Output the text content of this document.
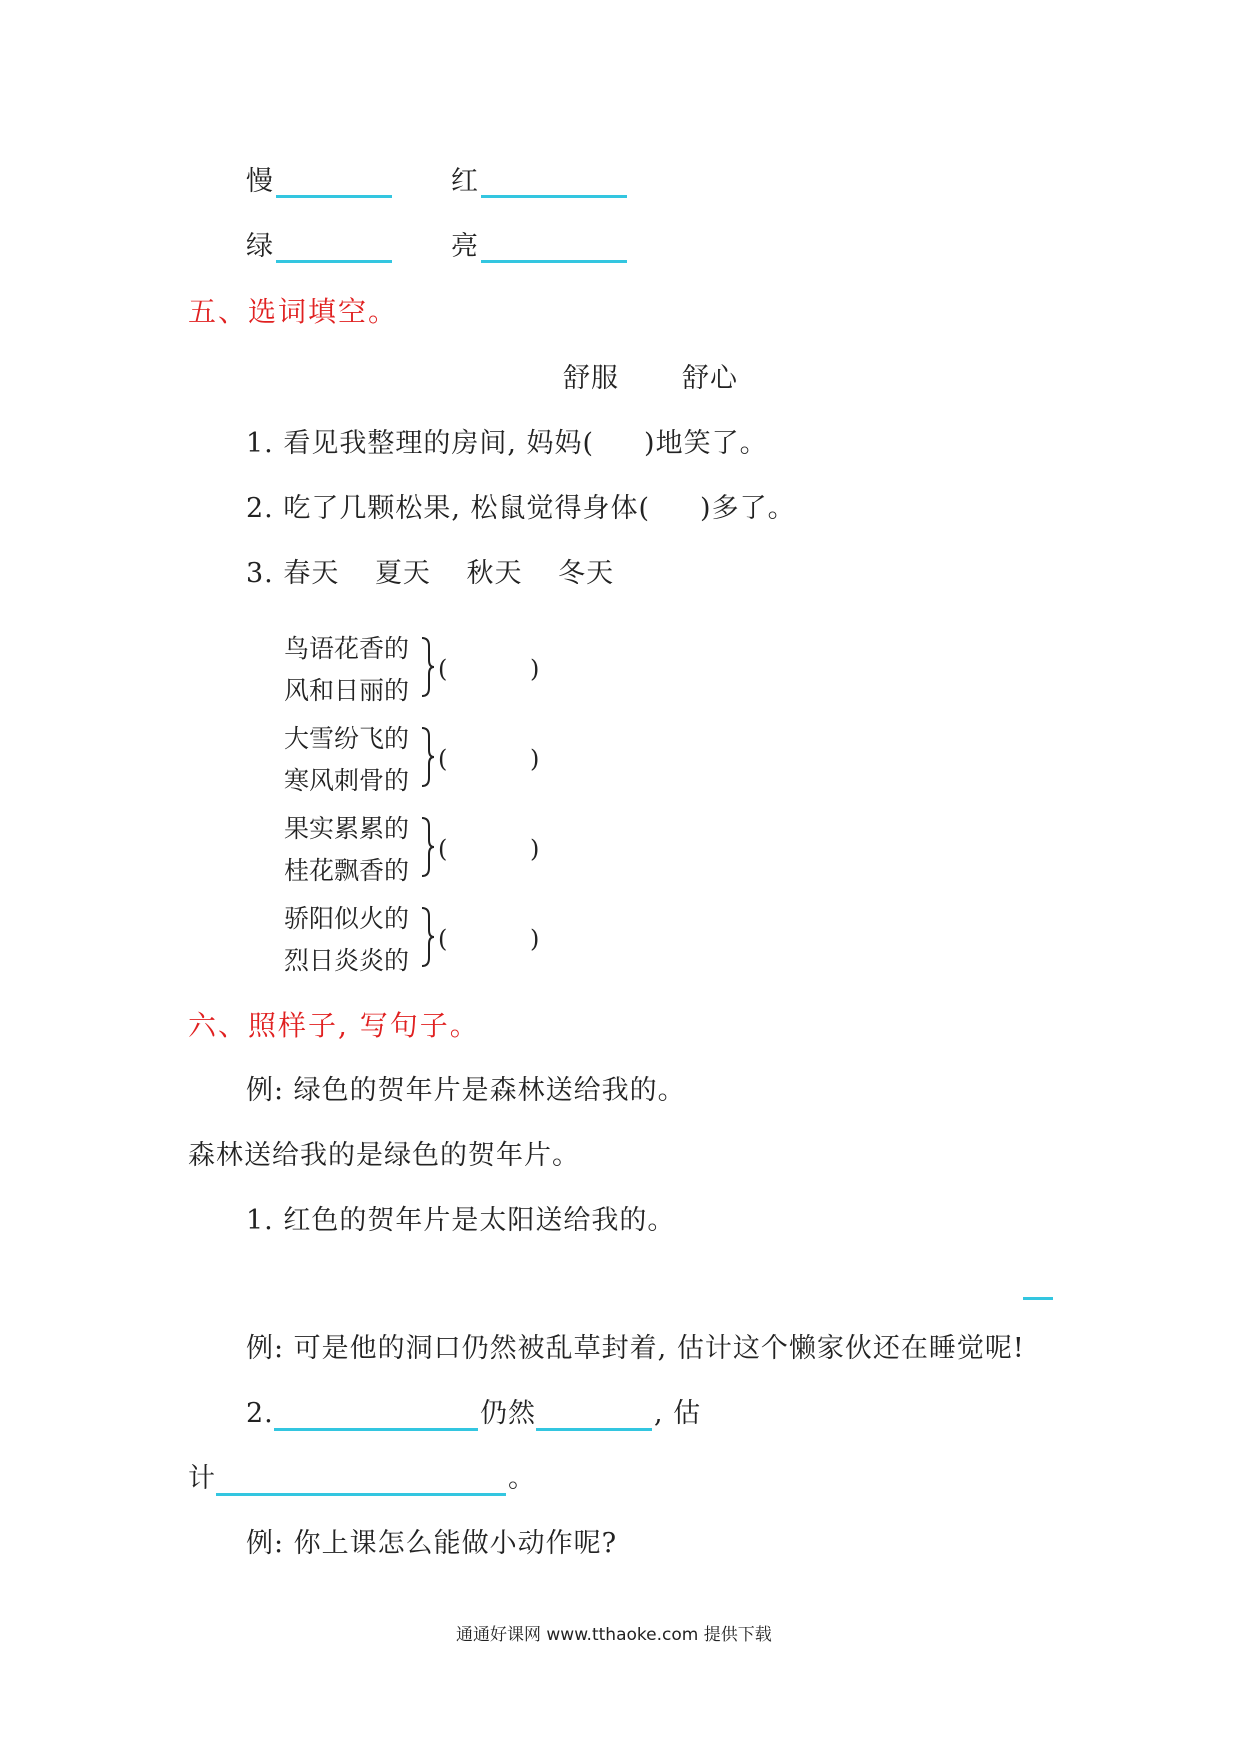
慢	红
绿	亮
五、选词填空。
舒服 舒心
1. 看见我整理的房间, 妈妈( )地笑了。
2. 吃了几颗松果, 松鼠觉得身体( )多了。
3. 春天 夏天 秋天 冬天
鸟语花香的
风和日丽的
(	)
大雪纷飞的
寒风刺骨的
(	)
果实累累的
桂花飘香的
(	)
骄阳似火的
烈日炎炎的
(	)
六、照样子, 写句子。
例: 绿色的贺年片是森林送给我的。
森林送给我的是绿色的贺年片。
1. 红色的贺年片是太阳送给我的。
例: 可是他的洞口仍然被乱草封着, 估计这个懒家伙还在睡觉呢!
2.	仍然	, 估
计	。
例: 你上课怎么能做小动作呢?
通通好课网 www.tthaoke.com 提供下载
